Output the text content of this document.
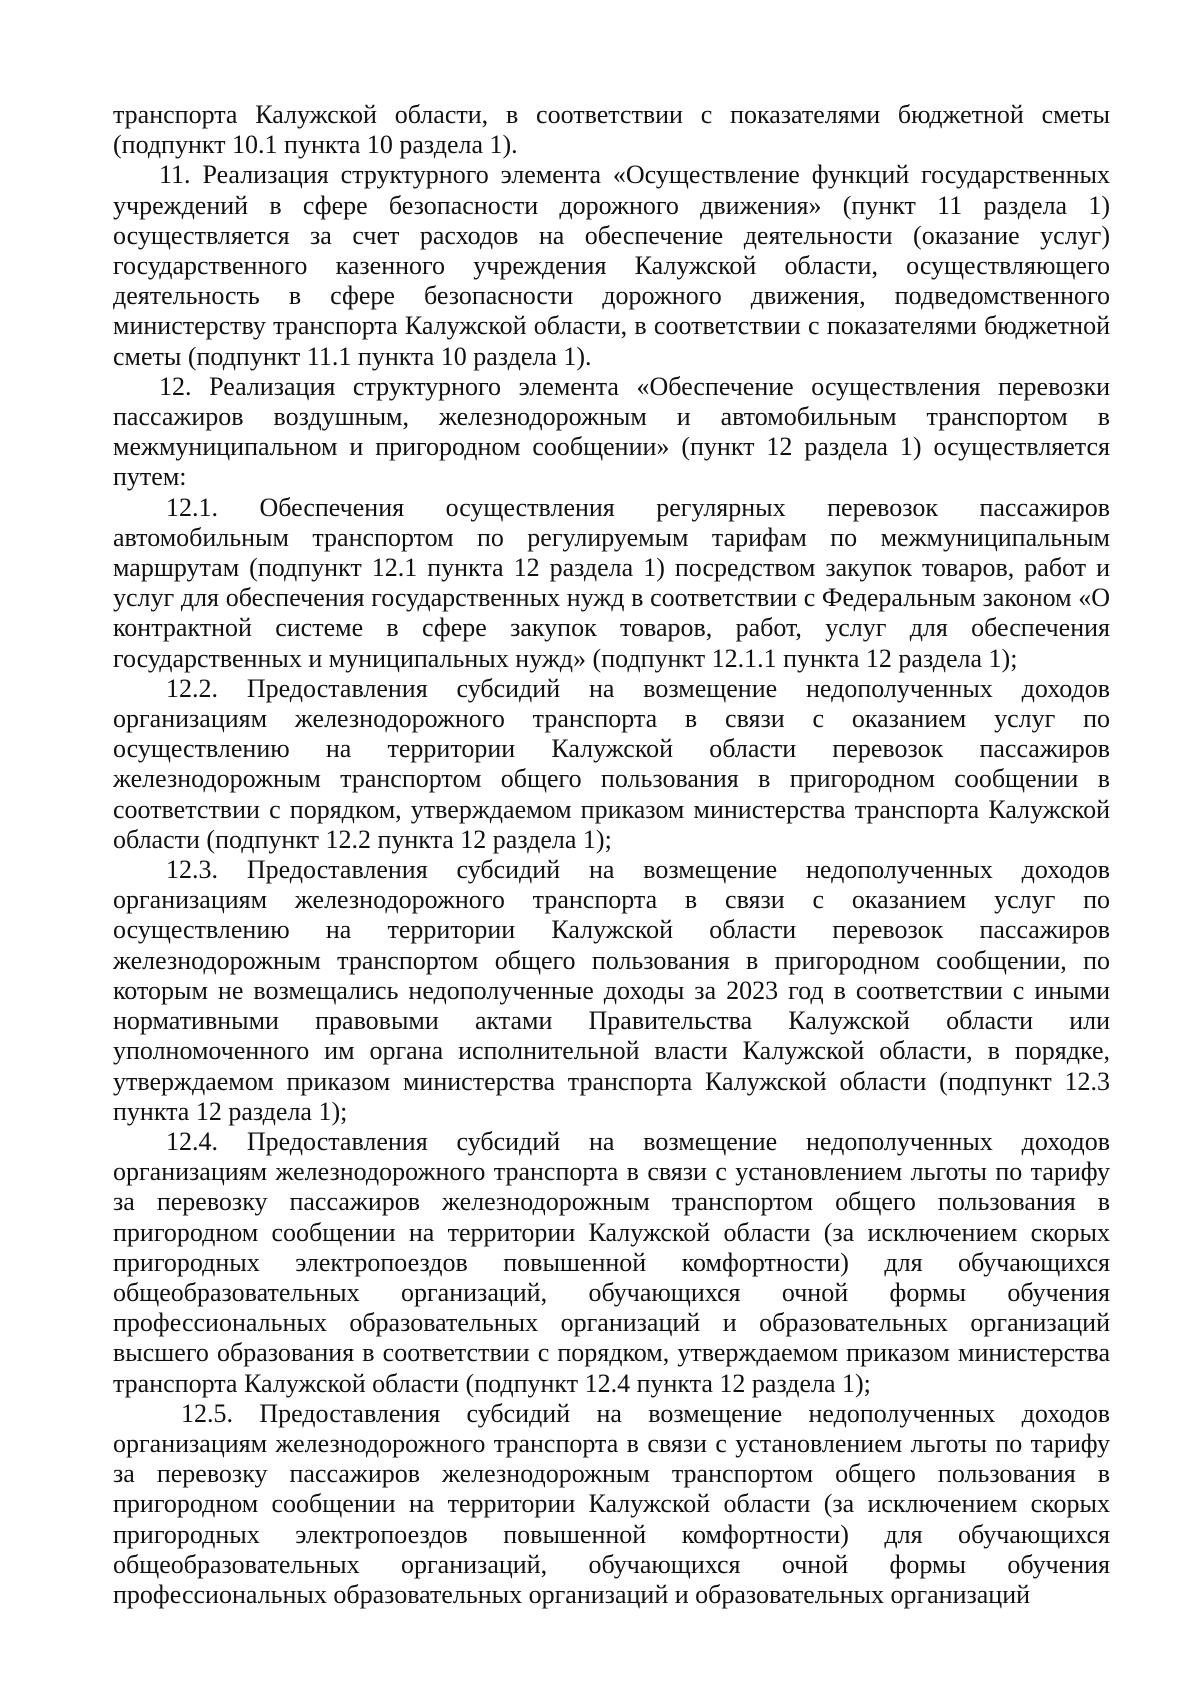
транспорта Калужской области, в соответствии с показателями бюджетной сметы (подпункт 10.1 пункта 10 раздела 1).

11. Реализация структурного элемента «Осуществление функций государственных учреждений в сфере безопасности дорожного движения» (пункт 11 раздела 1) осуществляется за счет расходов на обеспечение деятельности (оказание услуг) государственного казенного учреждения Калужской области, осуществляющего деятельность в сфере безопасности дорожного движения, подведомственного министерству транспорта Калужской области, в соответствии с показателями бюджетной сметы (подпункт 11.1 пункта 10 раздела 1).

12. Реализация структурного элемента «Обеспечение осуществления перевозки пассажиров воздушным, железнодорожным и автомобильным транспортом в межмуниципальном и пригородном сообщении» (пункт 12 раздела 1) осуществляется путем:

12.1. Обеспечения осуществления регулярных перевозок пассажиров автомобильным транспортом по регулируемым тарифам по межмуниципальным маршрутам (подпункт 12.1 пункта 12 раздела 1) посредством закупок товаров, работ и услуг для обеспечения государственных нужд в соответствии с Федеральным законом «О контрактной системе в сфере закупок товаров, работ, услуг для обеспечения государственных и муниципальных нужд» (подпункт 12.1.1 пункта 12 раздела 1);

12.2. Предоставления субсидий на возмещение недополученных доходов организациям железнодорожного транспорта в связи с оказанием услуг по осуществлению на территории Калужской области перевозок пассажиров железнодорожным транспортом общего пользования в пригородном сообщении в соответствии с порядком, утверждаемом приказом министерства транспорта Калужской области (подпункт 12.2 пункта 12 раздела 1);

12.3. Предоставления субсидий на возмещение недополученных доходов организациям железнодорожного транспорта в связи с оказанием услуг по осуществлению на территории Калужской области перевозок пассажиров железнодорожным транспортом общего пользования в пригородном сообщении, по которым не возмещались недополученные доходы за 2023 год в соответствии с иными нормативными правовыми актами Правительства Калужской области или уполномоченного им органа исполнительной власти Калужской области, в порядке, утверждаемом приказом министерства транспорта Калужской области (подпункт 12.3 пункта 12 раздела 1);

12.4. Предоставления субсидий на возмещение недополученных доходов организациям железнодорожного транспорта в связи с установлением льготы по тарифу за перевозку пассажиров железнодорожным транспортом общего пользования в пригородном сообщении на территории Калужской области (за исключением скорых пригородных электропоездов повышенной комфортности) для обучающихся общеобразовательных организаций, обучающихся очной формы обучения профессиональных образовательных организаций и образовательных организаций высшего образования в соответствии с порядком, утверждаемом приказом министерства транспорта Калужской области (подпункт 12.4 пункта 12 раздела 1);

12.5. Предоставления субсидий на возмещение недополученных доходов организациям железнодорожного транспорта в связи с установлением льготы по тарифу за перевозку пассажиров железнодорожным транспортом общего пользования в пригородном сообщении на территории Калужской области (за исключением скорых пригородных электропоездов повышенной комфортности) для обучающихся общеобразовательных организаций, обучающихся очной формы обучения профессиональных образовательных организаций и образовательных организаций
